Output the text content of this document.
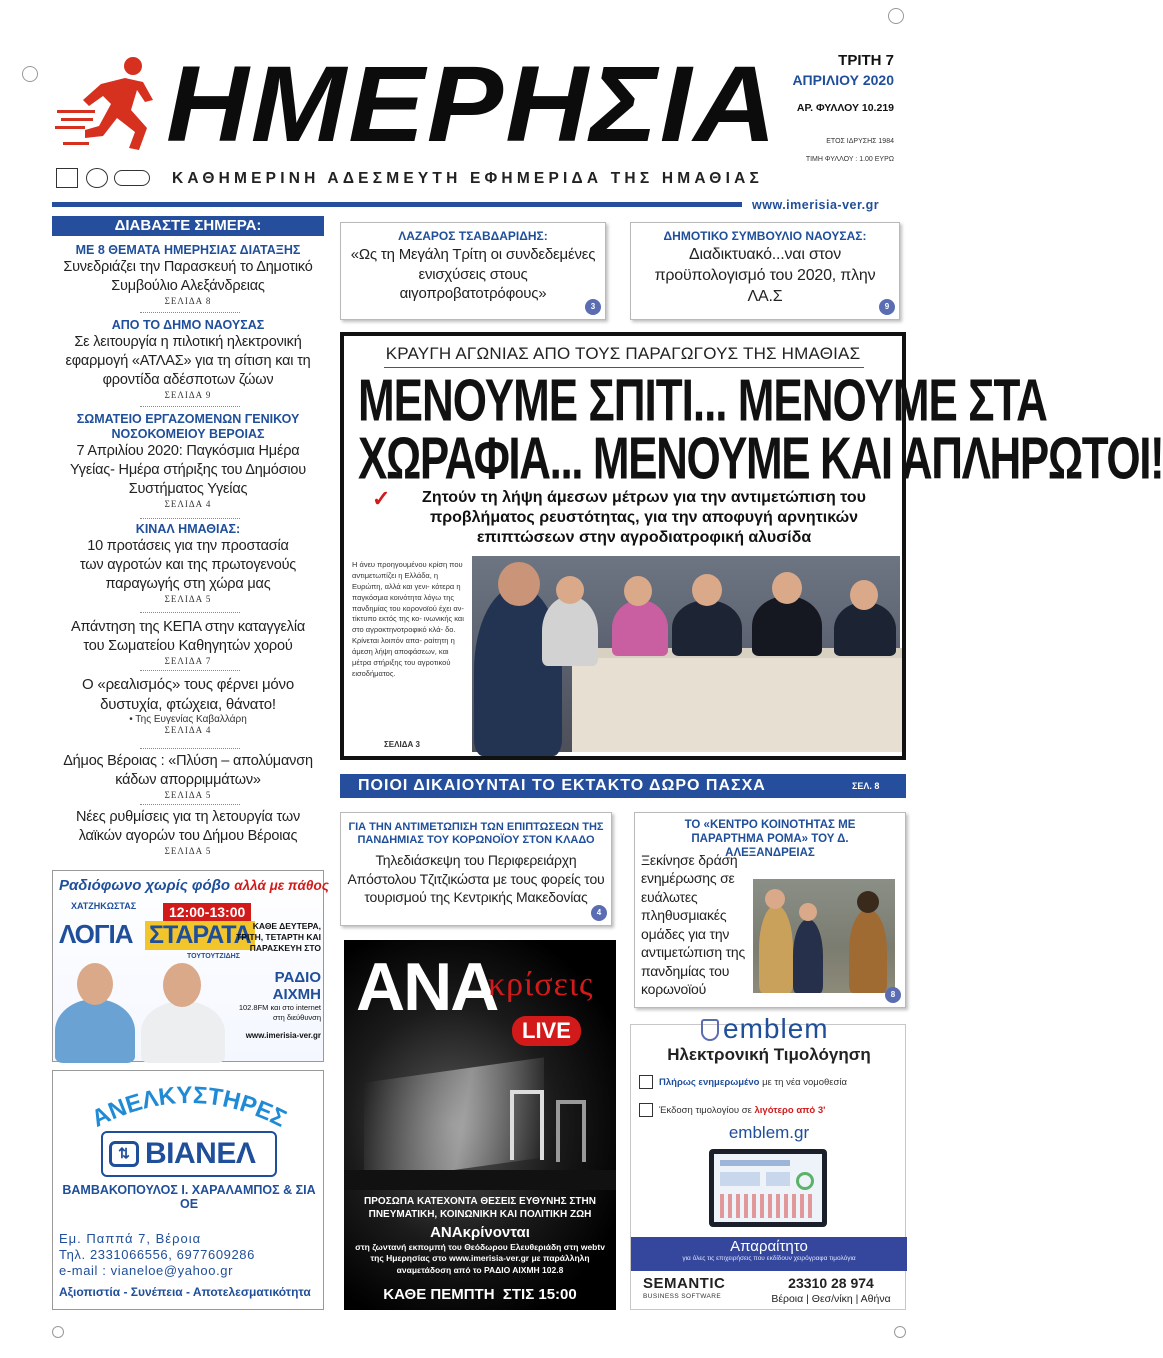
ΗΜΕΡΗΣΙΑ	ΤΡΙΤΗ 7
ΑΠΡΙΛΙΟΥ 2020
ΑΡ. ΦΥΛΛΟΥ 10.219
ΕΤΟΣ ΙΔΡΥΣΗΣ 1984
ΤΙΜΗ ΦΥΛΛΟΥ : 1.00 ΕΥΡΩ
ΚΑΘΗΜΕΡΙΝΗ ΑΔΕΣΜΕΥΤΗ ΕΦΗΜΕΡΙΔΑ ΤΗΣ ΗΜΑΘΙΑΣ
www.imerisia-ver.gr
ΔΙΑΒΑΣΤΕ ΣΗΜΕΡΑ:
ΜΕ 8 ΘΕΜΑΤΑ ΗΜΕΡΗΣΙΑΣ ΔΙΑΤΑΞΗΣ
Συνεδριάζει την Παρασκευή το Δημοτικό Συμβούλιο Αλεξάνδρειας
ΣΕΛΙΔΑ 8
ΑΠΟ ΤΟ ΔΗΜΟ ΝΑΟΥΣΑΣ
Σε λειτουργία η πιλοτική ηλεκτρονική εφαρμογή «ΑΤΛΑΣ» για τη σίτιση και τη φροντίδα αδέσποτων ζώων
ΣΕΛΙΔΑ 9
ΣΩΜΑΤΕΙΟ ΕΡΓΑΖΟΜΕΝΩΝ ΓΕΝΙΚΟΥ ΝΟΣΟΚΟΜΕΙΟΥ ΒΕΡΟΙΑΣ
7 Απριλίου 2020: Παγκόσμια Ημέρα Υγείας- Ημέρα στήριξης του Δημόσιου Συστήματος Υγείας
ΣΕΛΙΔΑ 4
ΚΙΝΑΛ ΗΜΑΘΙΑΣ:
10 προτάσεις για την προστασία των αγροτών και της πρωτογενούς παραγωγής στη χώρα μας
ΣΕΛΙΔΑ 5
Απάντηση της ΚΕΠΑ στην καταγγελία του Σωματείου Καθηγητών χορού
ΣΕΛΙΔΑ 7
Ο «ρεαλισμός» τους φέρνει μόνο δυστυχία, φτώχεια, θάνατο!
• Της Ευγενίας Καβαλλάρη
ΣΕΛΙΔΑ 4
Δήμος Βέροιας : «Πλύση – απολύμανση κάδων απορριμμάτων»
ΣΕΛΙΔΑ 5
Νέες ρυθμίσεις για τη λετουργία των λαϊκών αγορών του Δήμου Βέροιας
ΣΕΛΙΔΑ 5
ΛΑΖΑΡΟΣ ΤΣΑΒΔΑΡΙΔΗΣ:
«Ως τη Μεγάλη Τρίτη οι συνδεδεμένες ενισχύσεις στους αιγοπροβατοτρόφους»
3
ΔΗΜΟΤΙΚΟ ΣΥΜΒΟΥΛΙΟ ΝΑΟΥΣΑΣ:
Διαδικτυακό...ναι στον προϋπολογισμό του 2020, πλην ΛΑ.Σ
9
ΚΡΑΥΓΗ ΑΓΩΝΙΑΣ ΑΠΟ ΤΟΥΣ ΠΑΡΑΓΩΓΟΥΣ ΤΗΣ ΗΜΑΘΙΑΣ
ΜΕΝΟΥΜΕ ΣΠΙΤΙ... ΜΕΝΟΥΜΕ ΣΤΑ
ΧΩΡΑΦΙΑ... ΜΕΝΟΥΜΕ ΚΑΙ ΑΠΛΗΡΩΤΟΙ!
✓	Ζητούν τη λήψη άμεσων μέτρων για την αντιμετώπιση του προβλήματος ρευστότητας, για την αποφυγή αρνητικών επιπτώσεων στην αγροδιατροφική αλυσίδα
Η άνευ προηγουμένου κρίση που αντιμετωπίζει η Ελλάδα, η Ευρώπη, αλλά και γενι- κότερα η παγκόσμια κοινότητα λόγω της πανδημίας του κορονοϊού έχει αν- τίκτυπο εκτός της κο- ινωνικής και στο αγροκτηνοτροφικό κλά- δο. Κρίνεται λοιπόν απα- ραίτητη η άμεση λήψη αποφάσεων, και μέτρα στήριξης του αγροτικού εισοδήματος.
ΣΕΛΙΔΑ 3
ΠΟΙΟΙ ΔΙΚΑΙΟΥΝΤΑΙ ΤΟ ΕΚΤΑΚΤΟ ΔΩΡΟ ΠΑΣΧΑ	ΣΕΛ. 8
ΓΙΑ ΤΗΝ ΑΝΤΙΜΕΤΩΠΙΣΗ ΤΩΝ ΕΠΙΠΤΩΣΕΩΝ ΤΗΣ ΠΑΝΔΗΜΙΑΣ ΤΟΥ ΚΟΡΩΝΟΪΟΥ ΣΤΟΝ ΚΛΑΔΟ
Τηλεδιάσκεψη του Περιφερειάρχη Απόστολου Τζιτζικώστα με τους φορείς του τουρισμού της Κεντρικής Μακεδονίας
4
ΤΟ «ΚΕΝΤΡΟ ΚΟΙΝΟΤΗΤΑΣ ΜΕ ΠΑΡΑΡΤΗΜΑ ΡΟΜΑ» ΤΟΥ Δ. ΑΛΕΞΑΝΔΡΕΙΑΣ
Ξεκίνησε δράση ενημέρωσης σε ευάλωτες πληθυσμιακές ομάδες για την αντιμετώπιση της πανδημίας του κορωνοϊού	8
Ραδιόφωνο χωρίς φόβο αλλά με πάθος
ΧΑΤΖΗΚΩΣΤΑΣ	12:00-13:00
ΛΟΓΙΑ ΣΤΑΡΑΤΑ
ΤΟΥΤΟΥΤΖΙΔΗΣ
ΚΑΘΕ ΔΕΥΤΕΡΑ, ΤΡΙΤΗ, ΤΕΤΑΡΤΗ ΚΑΙ ΠΑΡΑΣΚΕΥΗ ΣΤΟ
ΡΑΔΙΟ ΑΙΧΜΗ
102.8FM και στο internet στη διεύθυνση
www.imerisia-ver.gr
ΑΝΕΛΚΥΣΤΗΡΕΣ
⇅ ΒΙΑΝΕΛ
ΒΑΜΒΑΚΟΠΟΥΛΟΣ Ι. ΧΑΡΑΛΑΜΠΟΣ & ΣΙΑ ΟΕ
Εμ. Παππά 7, Βέροια
Τηλ. 2331066556, 6977609286
e-mail : vianeloe@yahoo.gr
Αξιοπιστία - Συνέπεια - Αποτελεσματικότητα
ΑΝΑ
κρίσεις
LIVE
ΠΡΟΣΩΠΑ ΚΑΤΕΧΟΝΤΑ ΘΕΣΕΙΣ ΕΥΘΥΝΗΣ ΣΤΗΝ ΠΝΕΥΜΑΤΙΚΗ, ΚΟΙΝΩΝΙΚΗ ΚΑΙ ΠΟΛΙΤΙΚΗ ΖΩΗ
ΑΝΑκρίνονται
στη ζωντανή εκπομπή του Θεόδωρου Ελευθεριάδη στη webtv της Ημερησίας στο www.imerisia-ver.gr με παράλληλη αναμετάδοση από το ΡΑΔΙΟ ΑΙΧΜΗ 102.8
ΚΑΘΕ ΠΕΜΠΤΗ  ΣΤΙΣ 15:00
emblem
Ηλεκτρονική Τιμολόγηση
Πλήρως ενημερωμένο με τη νέα νομοθεσία
Έκδοση τιμολογίου σε λιγότερο από 3'
emblem.gr
Απαραίτητο
για όλες τις επιχειρήσεις που εκδίδουν χειρόγραφα τιμολόγια
SEMANTIC
BUSINESS SOFTWARE
23310 28 974
Βέροια | Θεσ/νίκη | Αθήνα
